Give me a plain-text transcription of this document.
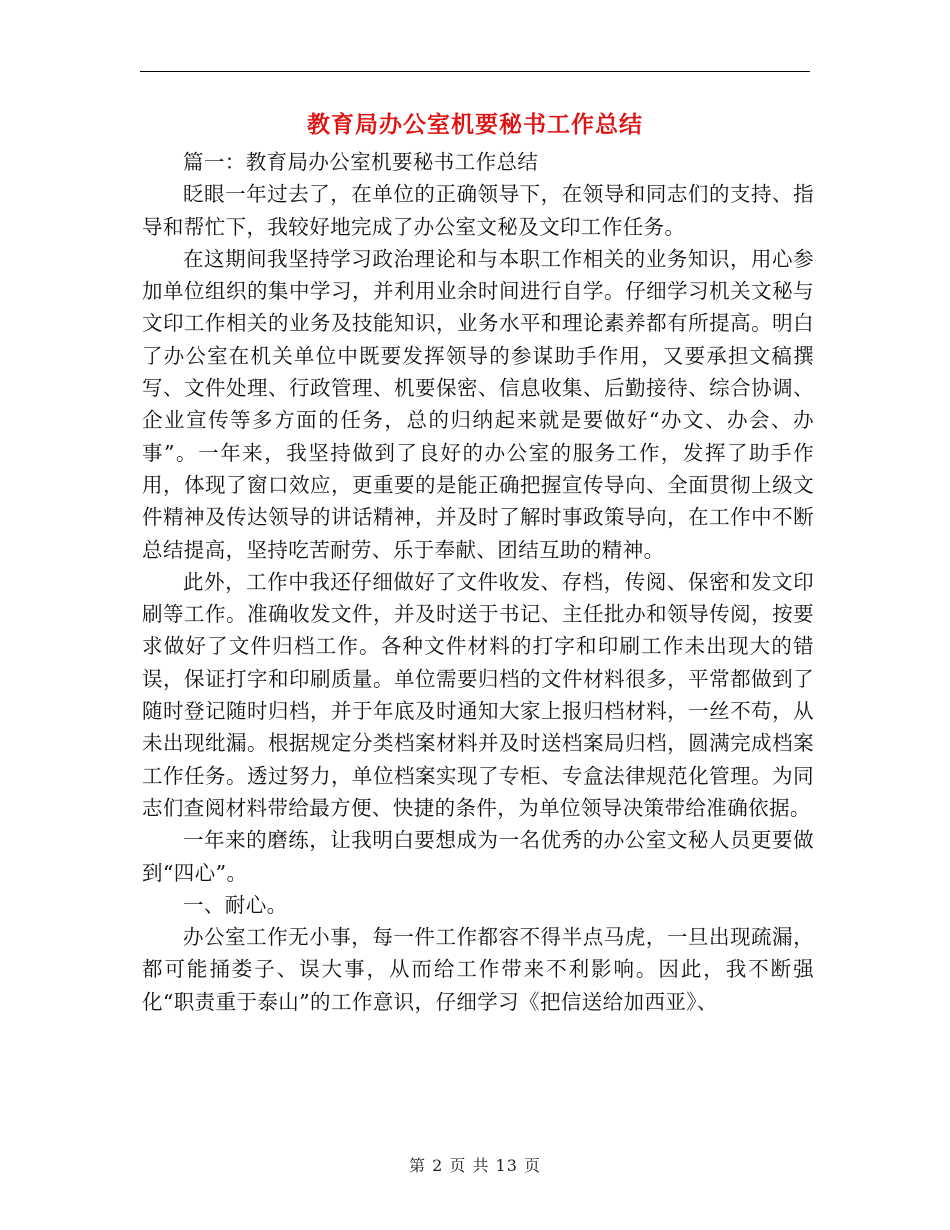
教育局办公室机要秘书工作总结

篇一：教育局办公室机要秘书工作总结

眨眼一年过去了，在单位的正确领导下，在领导和同志们的支持、指导和帮忙下，我较好地完成了办公室文秘及文印工作任务。

在这期间我坚持学习政治理论和与本职工作相关的业务知识，用心参加单位组织的集中学习，并利用业余时间进行自学。仔细学习机关文秘与文印工作相关的业务及技能知识，业务水平和理论素养都有所提高。明白了办公室在机关单位中既要发挥领导的参谋助手作用，又要承担文稿撰写、文件处理、行政管理、机要保密、信息收集、后勤接待、综合协调、企业宣传等多方面的任务，总的归纳起来就是要做好“办文、办会、办事”。一年来，我坚持做到了良好的办公室的服务工作，发挥了助手作用，体现了窗口效应，更重要的是能正确把握宣传导向、全面贯彻上级文件精神及传达领导的讲话精神，并及时了解时事政策导向，在工作中不断总结提高，坚持吃苦耐劳、乐于奉献、团结互助的精神。

此外，工作中我还仔细做好了文件收发、存档，传阅、保密和发文印刷等工作。准确收发文件，并及时送于书记、主任批办和领导传阅，按要求做好了文件归档工作。各种文件材料的打字和印刷工作未出现大的错误，保证打字和印刷质量。单位需要归档的文件材料很多，平常都做到了随时登记随时归档，并于年底及时通知大家上报归档材料，一丝不苟，从未出现纰漏。根据规定分类档案材料并及时送档案局归档，圆满完成档案工作任务。透过努力，单位档案实现了专柜、专盒法律规范化管理。为同志们查阅材料带给最方便、快捷的条件，为单位领导决策带给准确依据。

一年来的磨练，让我明白要想成为一名优秀的办公室文秘人员更要做到“四心”。

一、耐心。

办公室工作无小事，每一件工作都容不得半点马虎，一旦出现疏漏，都可能捅娄子、误大事，从而给工作带来不利影响。因此，我不断强化“职责重于泰山”的工作意识，仔细学习《把信送给加西亚》、

第 2 页 共 13 页
